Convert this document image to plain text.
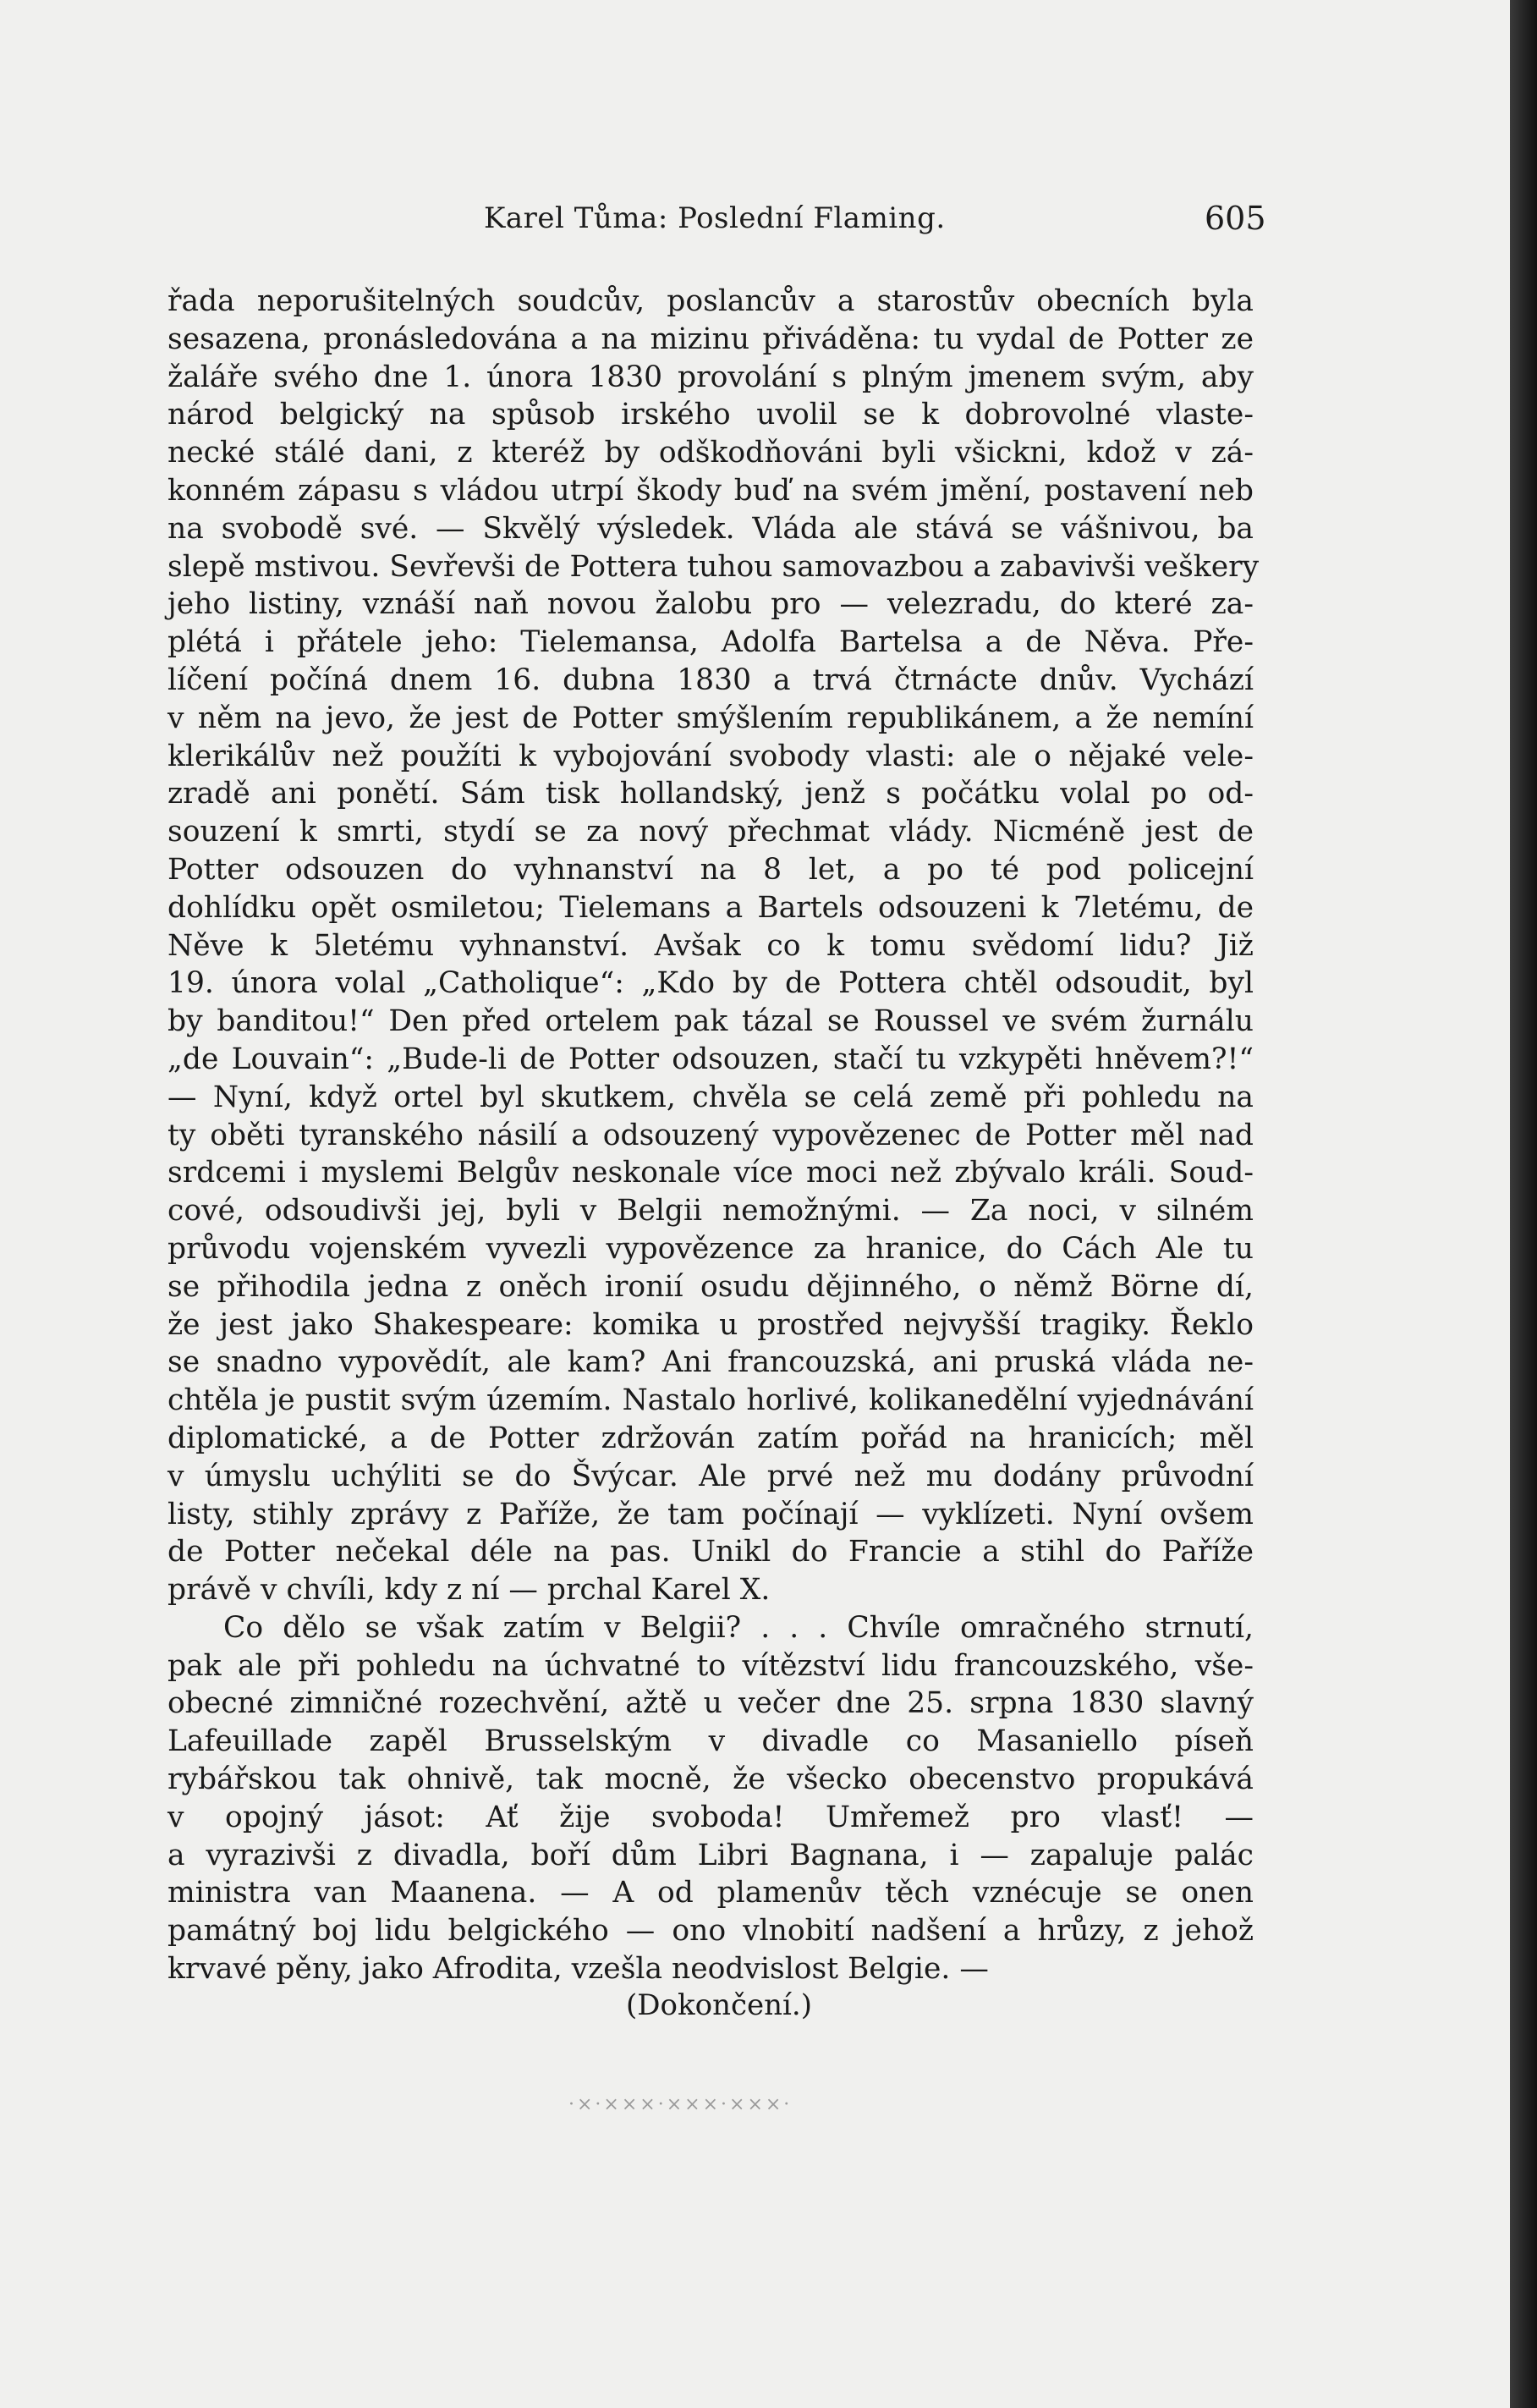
Karel Tůma: Poslední Flaming.	605
řada neporušitelných soudcův, poslancův a starostův obecních byla
sesazena, pronásledována a na mizinu přiváděna: tu vydal de Potter ze
žaláře svého dne 1. února 1830 provolání s plným jmenem svým, aby
národ belgický na spůsob irského uvolil se k dobrovolné vlaste-
necké stálé dani, z kteréž by odškodňováni byli všickni, kdož v zá-
konném zápasu s vládou utrpí škody buď na svém jmění, postavení neb
na svobodě své. — Skvělý výsledek. Vláda ale stává se vášnivou, ba
slepě mstivou. Sevřevši de Pottera tuhou samovazbou a zabavivši veškery
jeho listiny, vznáší naň novou žalobu pro — velezradu, do které za-
plétá i přátele jeho: Tielemansa, Adolfa Bartelsa a de Něva. Pře-
líčení počíná dnem 16. dubna 1830 a trvá čtrnácte dnův. Vychází
v něm na jevo, že jest de Potter smýšlením republikánem, a že nemíní
klerikálův než použíti k vybojování svobody vlasti: ale o nějaké vele-
zradě ani ponětí. Sám tisk hollandský, jenž s počátku volal po od-
souzení k smrti, stydí se za nový přechmat vlády. Nicméně jest de
Potter odsouzen do vyhnanství na 8 let, a po té pod policejní
dohlídku opět osmiletou; Tielemans a Bartels odsouzeni k 7letému, de
Něve k 5letému vyhnanství. Avšak co k tomu svědomí lidu? Již
19. února volal „Catholique“: „Kdo by de Pottera chtěl odsoudit, byl
by banditou!“ Den před ortelem pak tázal se Roussel ve svém žurnálu
„de Louvain“: „Bude-li de Potter odsouzen, stačí tu vzkypěti hněvem?!“
— Nyní, když ortel byl skutkem, chvěla se celá země při pohledu na
ty oběti tyranského násilí a odsouzený vypovězenec de Potter měl nad
srdcemi i myslemi Belgův neskonale více moci než zbývalo králi. Soud-
cové, odsoudivši jej, byli v Belgii nemožnými. — Za noci, v silném
průvodu vojenském vyvezli vypovězence za hranice, do Cách Ale tu
se přihodila jedna z oněch ironií osudu dějinného, o němž Börne dí,
že jest jako Shakespeare: komika u prostřed nejvyšší tragiky. Řeklo
se snadno vypovědít, ale kam? Ani francouzská, ani pruská vláda ne-
chtěla je pustit svým územím. Nastalo horlivé, kolikanedělní vyjednávání
diplomatické, a de Potter zdržován zatím pořád na hranicích; měl
v úmyslu uchýliti se do Švýcar. Ale prvé než mu dodány průvodní
listy, stihly zprávy z Paříže, že tam počínají — vyklízeti. Nyní ovšem
de Potter nečekal déle na pas. Unikl do Francie a stihl do Paříže
právě v chvíli, kdy z ní — prchal Karel X.
Co dělo se však zatím v Belgii? . . . Chvíle omračného strnutí,
pak ale při pohledu na úchvatné to vítězství lidu francouzského, vše-
obecné zimničné rozechvění, ažtě u večer dne 25. srpna 1830 slavný
Lafeuillade zapěl Brusselským v divadle co Masaniello píseň
rybářskou tak ohnivě, tak mocně, že všecko obecenstvo propukává
v opojný jásot: Ať žije svoboda! Umřemež pro vlasť! —
a vyrazivši z divadla, boří dům Libri Bagnana, i — zapaluje palác
ministra van Maanena. — A od plamenův těch vznécuje se onen
památný boj lidu belgického — ono vlnobití nadšení a hrůzy, z jehož
krvavé pěny, jako Afrodita, vzešla neodvislost Belgie. —
(Dokončení.)
·×·×××·×××·×××·
